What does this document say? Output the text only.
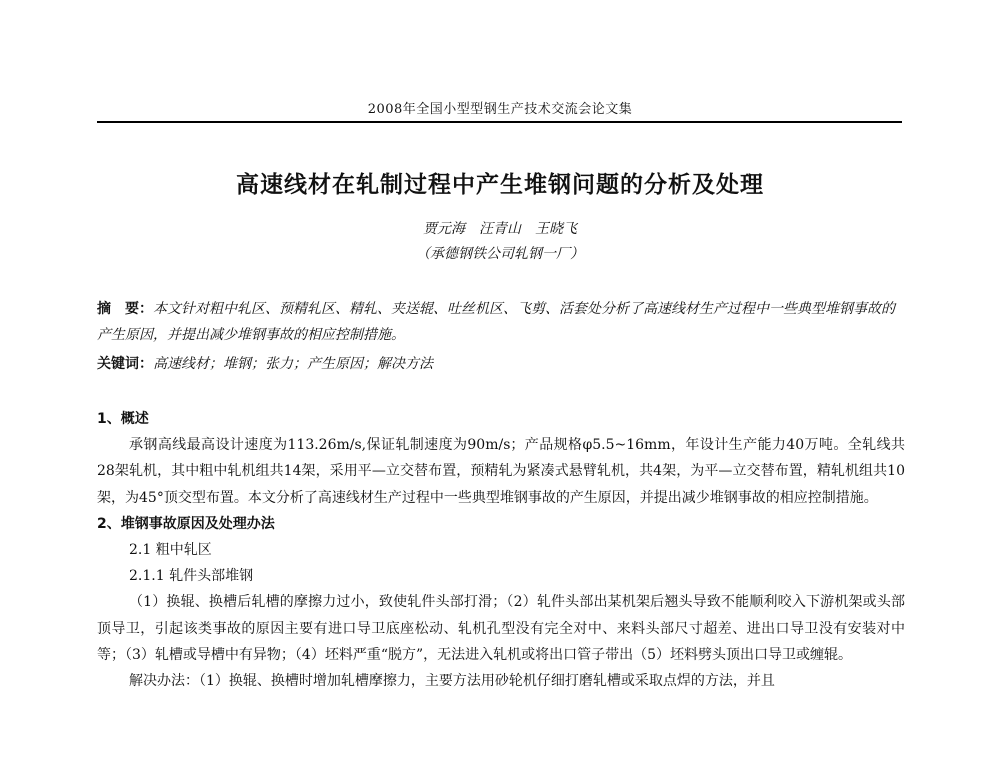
2008年全国小型型钢生产技术交流会论文集
高速线材在轧制过程中产生堆钢问题的分析及处理
贾元海　汪青山　王晓飞
（承德钢铁公司轧钢一厂）
摘　要：本文针对粗中轧区、预精轧区、精轧、夹送辊、吐丝机区、飞剪、活套处分析了高速线材生产过程中一些典型堆钢事故的产生原因，并提出减少堆钢事故的相应控制措施。
关键词：高速线材；堆钢；张力；产生原因；解决方法
1、概述
承钢高线最高设计速度为113.26m/s,保证轧制速度为90m/s；产品规格φ5.5~16mm，年设计生产能力40万吨。全轧线共28架轧机，其中粗中轧机组共14架，采用平—立交替布置，预精轧为紧凑式悬臂轧机，共4架，为平—立交替布置，精轧机组共10架，为45°顶交型布置。本文分析了高速线材生产过程中一些典型堆钢事故的产生原因，并提出减少堆钢事故的相应控制措施。
2、堆钢事故原因及处理办法
2.1 粗中轧区
2.1.1 轧件头部堆钢
（1）换辊、换槽后轧槽的摩擦力过小，致使轧件头部打滑；（2）轧件头部出某机架后翘头导致不能顺利咬入下游机架或头部顶导卫，引起该类事故的原因主要有进口导卫底座松动、轧机孔型没有完全对中、来料头部尺寸超差、进出口导卫没有安装对中等；（3）轧槽或导槽中有异物；（4）坯料严重“脱方”，无法进入轧机或将出口管子带出（5）坯料劈头顶出口导卫或缠辊。
解决办法：（1）换辊、换槽时增加轧槽摩擦力，主要方法用砂轮机仔细打磨轧槽或采取点焊的方法，并且
